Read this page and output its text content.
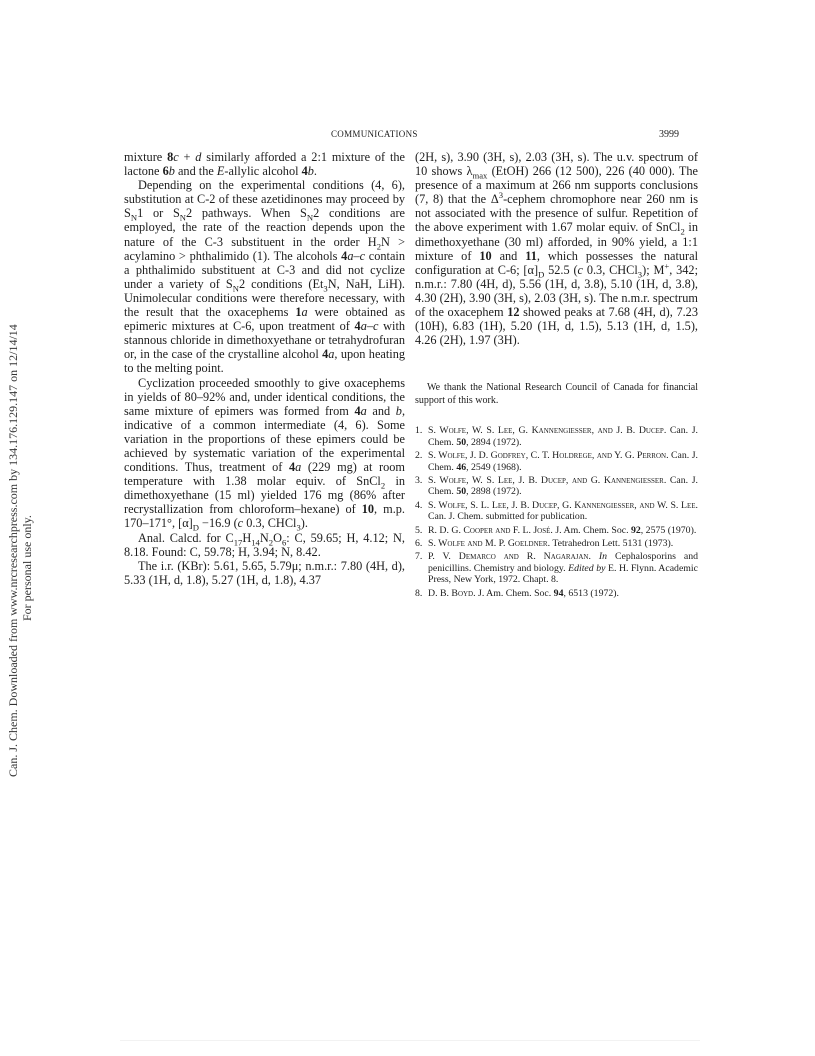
Can. J. Chem. Downloaded from www.nrcresearchpress.com by 134.176.129.147 on 12/14/14 For personal use only.
COMMUNICATIONS	3999

mixture 8c + d similarly afforded a 2:1 mixture of the lactone 6b and the E-allylic alcohol 4b.

Depending on the experimental conditions (4, 6), substitution at C-2 of these azetidinones may proceed by $S_N1$ or $S_N2$ pathways. When $S_N2$ conditions are employed, the rate of the reaction depends upon the nature of the C-3 substituent in the order $H_2N$ > acylamino > phthalimido (1). The alcohols 4a–c contain a phthalimido substituent at C-3 and did not cyclize under a variety of $S_N2$ conditions ($Et_3N$, NaH, LiH). Unimolecular conditions were therefore necessary, with the result that the oxacephems 1a were obtained as epimeric mixtures at C-6, upon treatment of 4a–c with stannous chloride in dimethoxyethane or tetrahydrofuran or, in the case of the crystalline alcohol 4a, upon heating to the melting point.

Cyclization proceeded smoothly to give oxacephems in yields of 80–92% and, under identical conditions, the same mixture of epimers was formed from 4a and b, indicative of a common intermediate (4, 6). Some variation in the proportions of these epimers could be achieved by systematic variation of the experimental conditions. Thus, treatment of 4a (229 mg) at room temperature with 1.38 molar equiv. of SnCl$_2$ in dimethoxyethane (15 ml) yielded 176 mg (86% after recrystallization from chloroform–hexane) of 10, m.p. 170–171°, $[\alpha]_D -16.9$ (c 0.3, CHCl$_3$).

Anal. Calcd. for $C_{17}H_{14}N_2O_6$: C, 59.65; H, 4.12; N, 8.18. Found: C, 59.78; H, 3.94; N, 8.42.

The i.r. (KBr): 5.61, 5.65, 5.79μ; n.m.r.: 7.80 (4H, d), 5.33 (1H, d, 1.8), 5.27 (1H, d, 1.8), 4.37

(2H, s), 3.90 (3H, s), 2.03 (3H, s). The u.v. spectrum of 10 shows $\lambda_{max}$ (EtOH) 266 (12 500), 226 (40 000). The presence of a maximum at 266 nm supports conclusions (7, 8) that the $\Delta^3$-cephem chromophore near 260 nm is not associated with the presence of sulfur. Repetition of the above experiment with 1.67 molar equiv. of SnCl$_2$ in dimethoxyethane (30 ml) afforded, in 90% yield, a 1:1 mixture of 10 and 11, which possesses the natural configuration at C-6; $[\alpha]_D$ 52.5 (c 0.3, CHCl$_3$); M+, 342; n.m.r.: 7.80 (4H, d), 5.56 (1H, d, 3.8), 5.10 (1H, d, 3.8), 4.30 (2H), 3.90 (3H, s), 2.03 (3H, s). The n.m.r. spectrum of the oxacephem 12 showed peaks at 7.68 (4H, d), 7.23 (10H), 6.83 (1H), 5.20 (1H, d, 1.5), 5.13 (1H, d, 1.5), 4.26 (2H), 1.97 (3H).

We thank the National Research Council of Canada for financial support of this work.

1. S. Wolfe, W. S. Lee, G. Kannengiesser, and J. B. Ducep. Can. J. Chem. 50, 2894 (1972).
2. S. Wolfe, J. D. Godfrey, C. T. Holdrege, and Y. G. Perron. Can. J. Chem. 46, 2549 (1968).
3. S. Wolfe, W. S. Lee, J. B. Ducep, and G. Kannengiesser. Can. J. Chem. 50, 2898 (1972).
4. S. Wolfe, S. L. Lee, J. B. Ducep, G. Kannengiesser, and W. S. Lee. Can. J. Chem. submitted for publication.
5. R. D. G. Cooper and F. L. José. J. Am. Chem. Soc. 92, 2575 (1970).
6. S. Wolfe and M. P. Goeldner. Tetrahedron Lett. 5131 (1973).
7. P. V. Demarco and R. Nagarajan. In Cephalosporins and penicillins. Chemistry and biology. Edited by E. H. Flynn. Academic Press, New York, 1972. Chapt. 8.
8. D. B. Boyd. J. Am. Chem. Soc. 94, 6513 (1972).
